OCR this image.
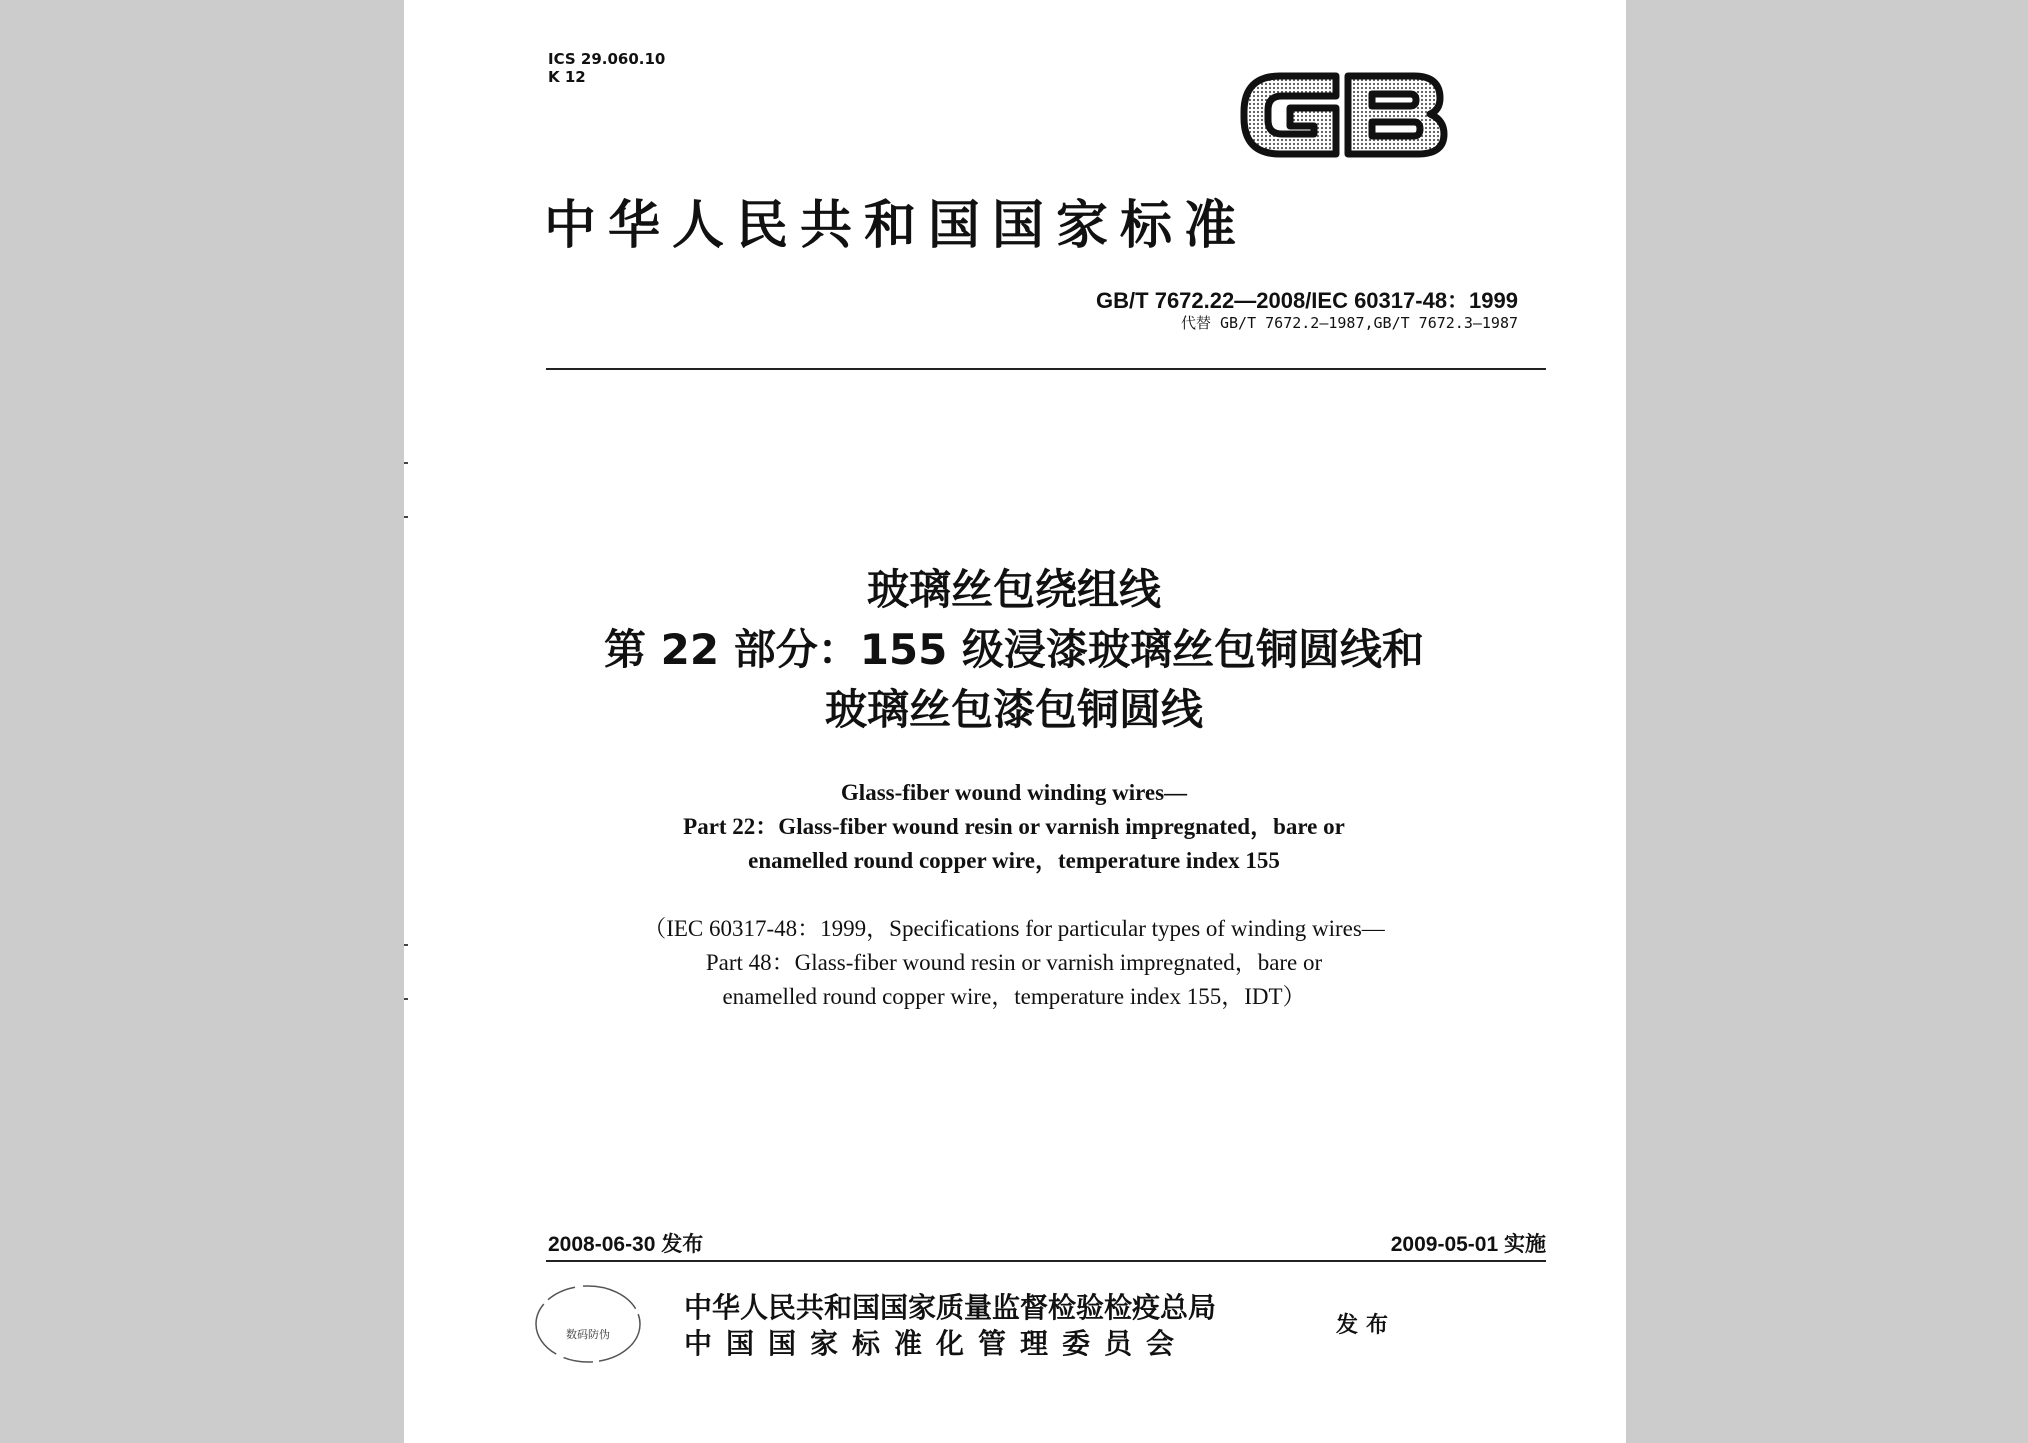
ICS 29.060.10
K 12
中华人民共和国国家标准
GB/T 7672.22—2008/IEC 60317-48：1999
代替 GB/T 7672.2—1987,GB/T 7672.3—1987
玻璃丝包绕组线
第 22 部分：155 级浸漆玻璃丝包铜圆线和
玻璃丝包漆包铜圆线
Glass-fiber wound winding wires—
Part 22：Glass-fiber wound resin or varnish impregnated，bare or
enamelled round copper wire，temperature index 155
（IEC 60317-48：1999，Specifications for particular types of winding wires—
Part 48：Glass-fiber wound resin or varnish impregnated，bare or
enamelled round copper wire，temperature index 155，IDT）
2008-06-30 发布	2009-05-01 实施
数码防伪
中华人民共和国国家质量监督检验检疫总局
中国国家标准化管理委员会
发布
